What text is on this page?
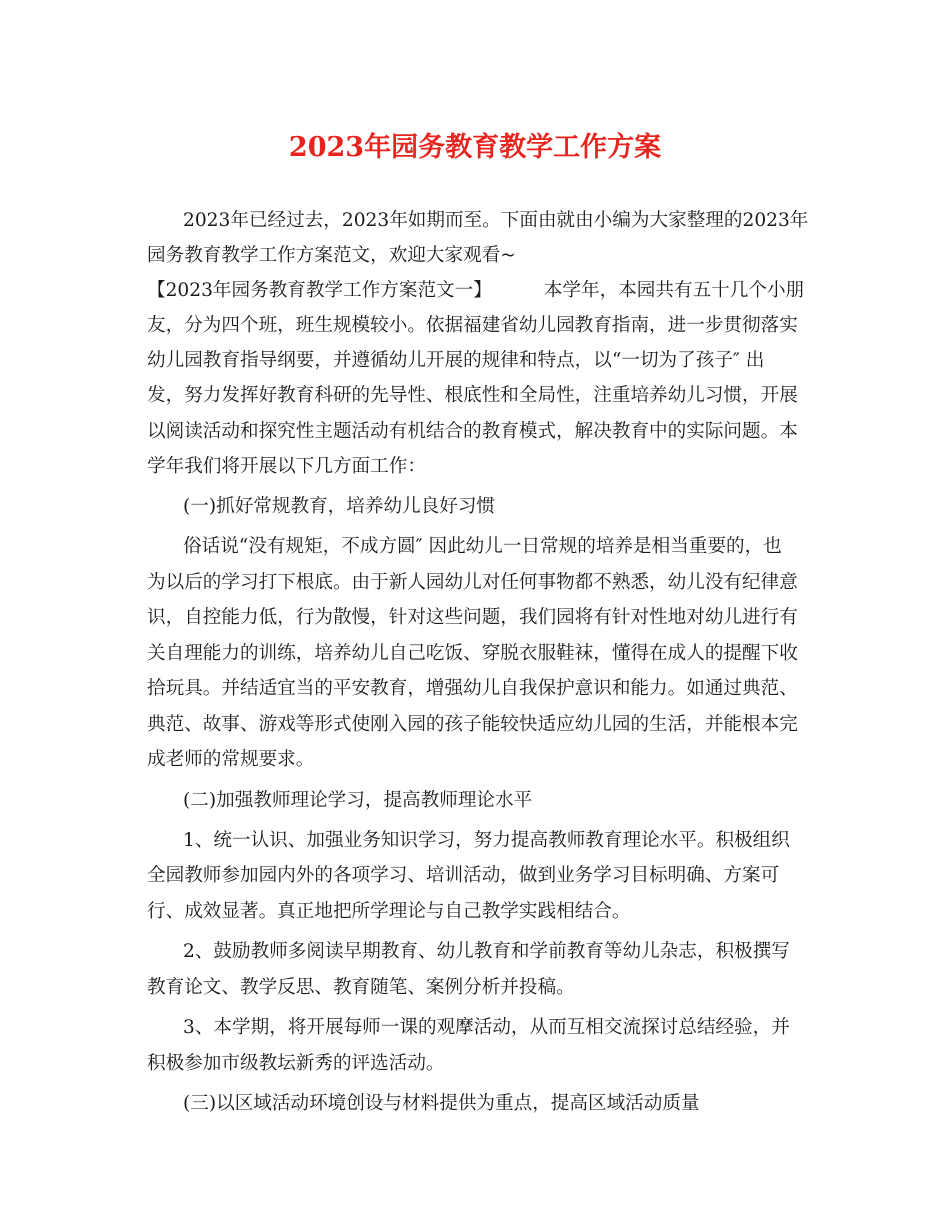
2023年园务教育教学工作方案

2023年已经过去，2023年如期而至。下面由就由小编为大家整理的2023年

园务教育教学工作方案范文，欢迎大家观看~

【2023年园务教育教学工作方案范文一】	本学年，本园共有五十几个小朋

友，分为四个班，班生规模较小。依据福建省幼儿园教育指南，进一步贯彻落实

幼儿园教育指导纲要，并遵循幼儿开展的规律和特点，以“一切为了孩子″ 出

发，努力发挥好教育科研的先导性、根底性和全局性，注重培养幼儿习惯，开展

以阅读活动和探究性主题活动有机结合的教育模式，解决教育中的实际问题。本

学年我们将开展以下几方面工作：

(一)抓好常规教育，培养幼儿良好习惯

俗话说“没有规矩，不成方圆″ 因此幼儿一日常规的培养是相当重要的，也

为以后的学习打下根底。由于新人园幼儿对任何事物都不熟悉，幼儿没有纪律意

识，自控能力低，行为散慢，针对这些问题，我们园将有针对性地对幼儿进行有

关自理能力的训练，培养幼儿自己吃饭、穿脱衣服鞋袜，懂得在成人的提醒下收

拾玩具。并结适宜当的平安教育，增强幼儿自我保护意识和能力。如通过典范、

典范、故事、游戏等形式使刚入园的孩子能较快适应幼儿园的生活，并能根本完

成老师的常规要求。

(二)加强教师理论学习，提高教师理论水平

1、统一认识、加强业务知识学习，努力提高教师教育理论水平。积极组织

全园教师参加园内外的各项学习、培训活动，做到业务学习目标明确、方案可

行、成效显著。真正地把所学理论与自己教学实践相结合。

2、鼓励教师多阅读早期教育、幼儿教育和学前教育等幼儿杂志，积极撰写

教育论文、教学反思、教育随笔、案例分析并投稿。

3、本学期，将开展每师一课的观摩活动，从而互相交流探讨总结经验，并

积极参加市级教坛新秀的评选活动。

(三)以区域活动环境创设与材料提供为重点，提高区域活动质量
